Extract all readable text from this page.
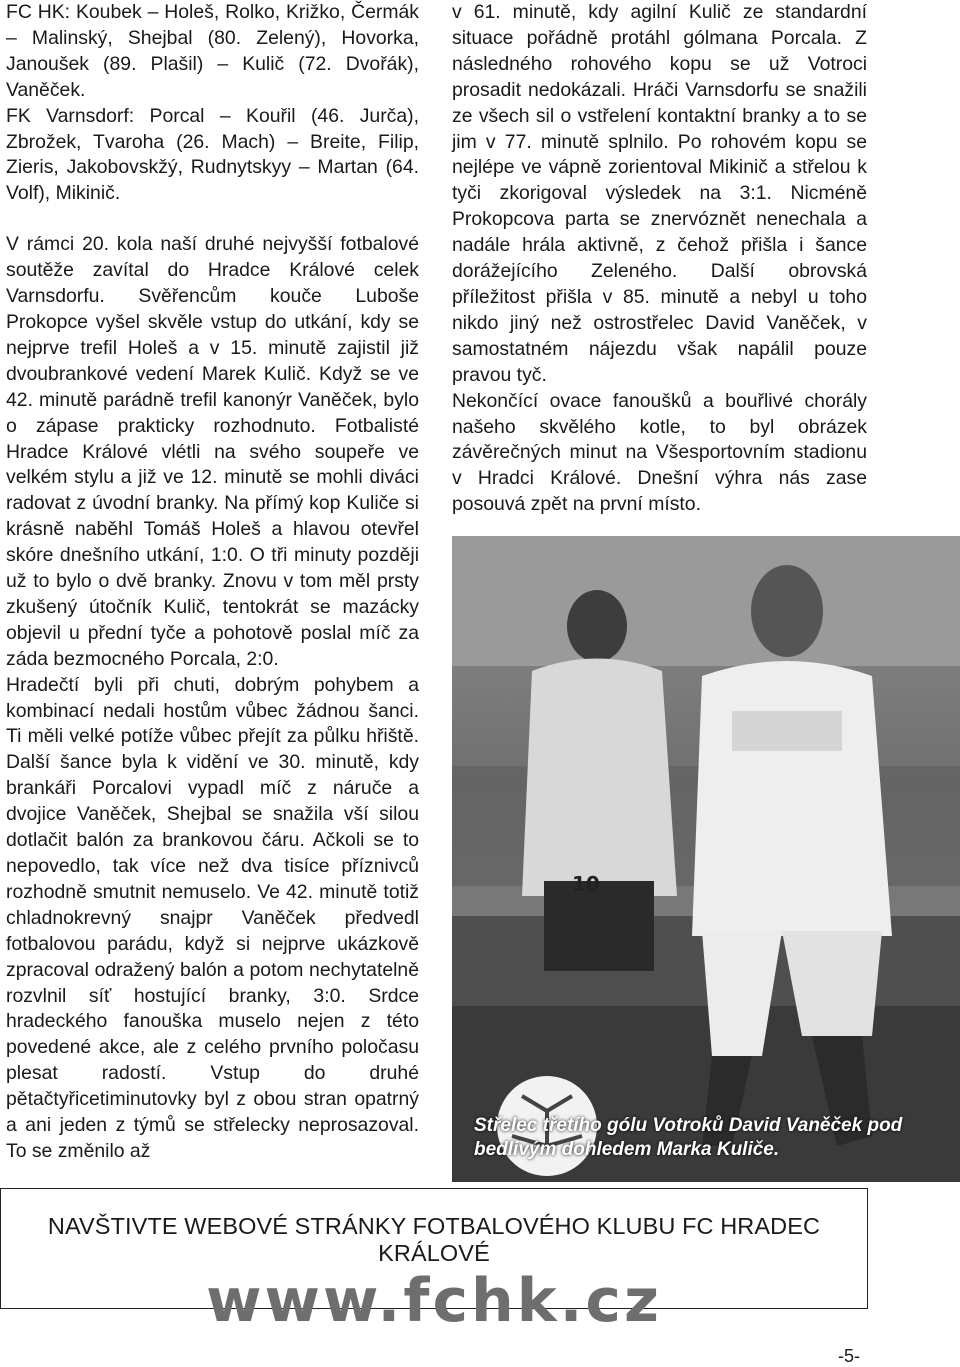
FC HK: Koubek – Holeš, Rolko, Križko, Čermák – Malinský, Shejbal (80. Zelený), Hovorka, Janoušek (89. Plašil) – Kulič (72. Dvořák), Vaněček.

FK Varnsdorf: Porcal – Kouřil (46. Jurča), Zbrožek, Tvaroha (26. Mach) – Breite, Filip, Zieris, Jakobovskžý, Rudnytskyy – Martan (64. Volf), Mikinič.

V rámci 20. kola naší druhé nejvyšší fotbalové soutěže zavítal do Hradce Králové celek Varnsdorfu. Svěřencům kouče Luboše Prokopce vyšel skvěle vstup do utkání, kdy se nejprve trefil Holeš a v 15. minutě zajistil již dvoubrankové vedení Marek Kulič. Když se ve 42. minutě parádně trefil kanonýr Vaněček, bylo o zápase prakticky rozhodnuto. Fotbalisté Hradce Králové vlétli na svého soupeře ve velkém stylu a již ve 12. minutě se mohli diváci radovat z úvodní branky. Na přímý kop Kuliče si krásně naběhl Tomáš Holeš a hlavou otevřel skóre dnešního utkání, 1:0. O tři minuty později už to bylo o dvě branky. Znovu v tom měl prsty zkušený útočník Kulič, tentokrát se mazácky objevil u přední tyče a pohotově poslal míč za záda bezmocného Porcala, 2:0.

Hradečtí byli při chuti, dobrým pohybem a kombinací nedali hostům vůbec žádnou šanci. Ti měli velké potíže vůbec přejít za půlku hřiště. Další šance byla k vidění ve 30. minutě, kdy brankáři Porcalovi vypadl míč z náruče a dvojice Vaněček, Shejbal se snažila vší silou dotlačit balón za brankovou čáru. Ačkoli se to nepovedlo, tak více než dva tisíce příznivců rozhodně smutnit nemuselo. Ve 42. minutě totiž chladnokrevný snajpr Vaněček předvedl fotbalovou parádu, když si nejprve ukázkově zpracoval odražený balón a potom nechytatelně rozvlnil síť hostující branky, 3:0. Srdce hradeckého fanouška muselo nejen z této povedené akce, ale z celého prvního poločasu plesat radostí. Vstup do druhé pětačtyřicetiminutovky byl z obou stran opatrný a ani jeden z týmů se střelecky neprosazoval. To se změnilo až

v 61. minutě, kdy agilní Kulič ze standardní situace pořádně protáhl gólmana Porcala. Z následného rohového kopu se už Votroci prosadit nedokázali. Hráči Varnsdorfu se snažili ze všech sil o vstřelení kontaktní branky a to se jim v 77. minutě splnilo. Po rohovém kopu se nejlépe ve vápně zorientoval Mikinič a střelou k tyči zkorigoval výsledek na 3:1. Nicméně Prokopcova parta se znervóznět nenechala a nadále hrála aktivně, z čehož přišla i šance dorážejícího Zeleného. Další obrovská příležitost přišla v 85. minutě a nebyl u toho nikdo jiný než ostrostřelec David Vaněček, v samostatném nájezdu však napálil pouze pravou tyč.

Nekončící ovace fanoušků a bouřlivé chorály našeho skvělého kotle, to byl obrázek závěrečných minut na Všesportovním stadionu v Hradci Králové. Dnešní výhra nás zase posouvá zpět na první místo.

10
Střelec třetího gólu Votroků David Vaněček pod bedlivým dohledem Marka Kuliče.
NAVŠTIVTE WEBOVÉ STRÁNKY FOTBALOVÉHO KLUBU FC HRADEC KRÁLOVÉ
www.fchk.cz
-5-
